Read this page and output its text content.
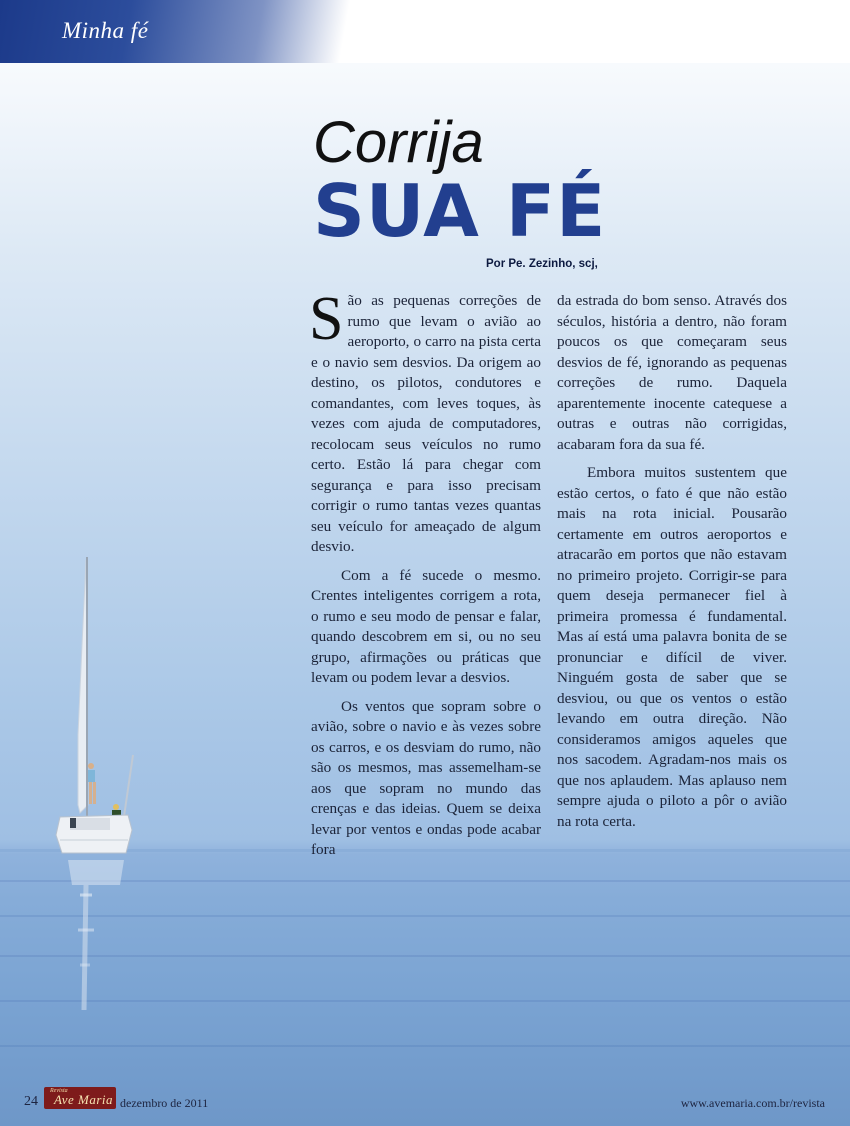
Minha fé
Corrija
SUA FÉ
Por Pe. Zezinho, scj,

São as pequenas correções de rumo que levam o avião ao aeroporto, o carro na pista certa e o navio sem desvios. Da origem ao destino, os pilotos, condutores e comandantes, com leves toques, às vezes com ajuda de computadores, recolocam seus veículos no rumo certo. Estão lá para chegar com segurança e para isso precisam corrigir o rumo tantas vezes quantas seu veículo for ameaçado de algum desvio.

Com a fé sucede o mesmo. Crentes inteligentes corrigem a rota, o rumo e seu modo de pensar e falar, quando descobrem em si, ou no seu grupo, afirmações ou práticas que levam ou podem levar a desvios.

Os ventos que sopram sobre o avião, sobre o navio e às vezes sobre os carros, e os desviam do rumo, não são os mesmos, mas assemelham-se aos que sopram no mundo das crenças e das ideias. Quem se deixa levar por ventos e ondas pode acabar fora

da estrada do bom senso. Através dos séculos, história a dentro, não foram poucos os que começaram seus desvios de fé, ignorando as pequenas correções de rumo. Daquela aparentemente inocente catequese a outras e outras não corrigidas, acabaram fora da sua fé.

Embora muitos sustentem que estão certos, o fato é que não estão mais na rota inicial. Pousarão certamente em outros aeroportos e atracarão em portos que não estavam no primeiro projeto. Corrigir-se para quem deseja permanecer fiel à primeira promessa é fundamental. Mas aí está uma palavra bonita de se pronunciar e difícil de viver. Ninguém gosta de saber que se desviou, ou que os ventos o estão levando em outra direção. Não consideramos amigos aqueles que nos sacodem. Agradam-nos mais os que nos aplaudem. Mas aplauso nem sempre ajuda o piloto a pôr o avião na rota certa.

24
Revista
Ave Maria dezembro de 2011	www.avemaria.com.br/revista
